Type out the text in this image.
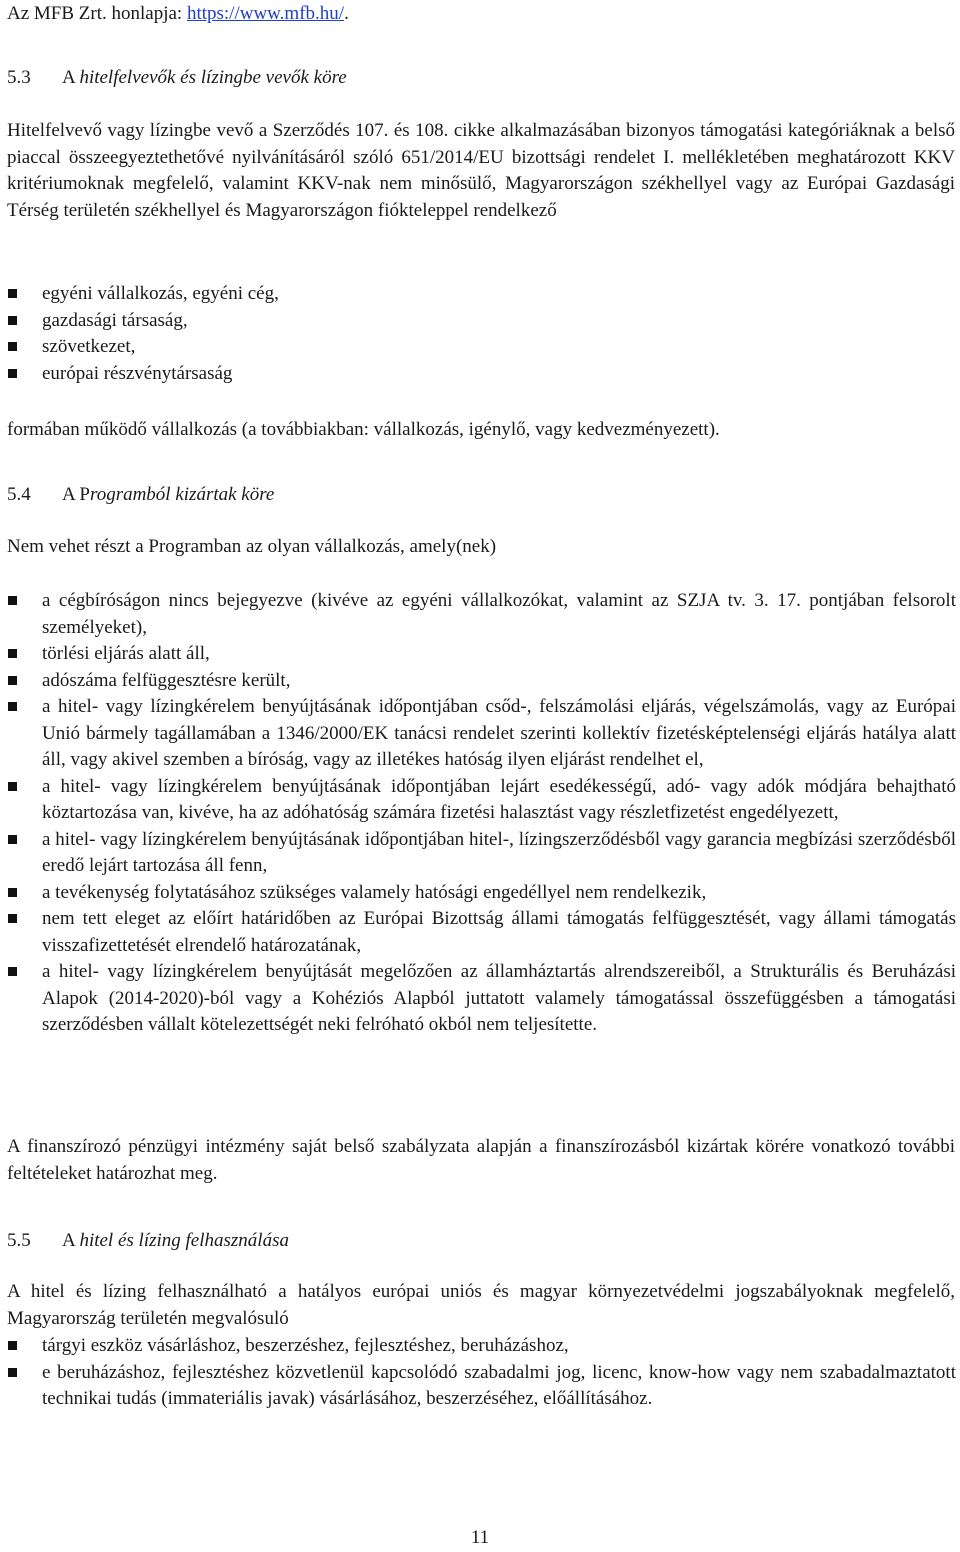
Az MFB Zrt. honlapja: https://www.mfb.hu/.

5.3 A hitelfelvevők és lízingbe vevők köre

Hitelfelvevő vagy lízingbe vevő a Szerződés 107. és 108. cikke alkalmazásában bizonyos támogatási kategóriáknak a belső piaccal összeegyeztethetővé nyilvánításáról szóló 651/2014/EU bizottsági rendelet I. mellékletében meghatározott KKV kritériumoknak megfelelő, valamint KKV-nak nem minősülő, Magyarországon székhellyel vagy az Európai Gazdasági Térség területén székhellyel és Magyarországon fiókteleppel rendelkező

egyéni vállalkozás, egyéni cég,
gazdasági társaság,
szövetkezet,
európai részvénytársaság

formában működő vállalkozás (a továbbiakban: vállalkozás, igénylő, vagy kedvezményezett).

5.4 A Programból kizártak köre

Nem vehet részt a Programban az olyan vállalkozás, amely(nek)

a cégbíróságon nincs bejegyezve (kivéve az egyéni vállalkozókat, valamint az SZJA tv. 3. 17. pontjában felsorolt személyeket),
törlési eljárás alatt áll,
adószáma felfüggesztésre került,
a hitel- vagy lízingkérelem benyújtásának időpontjában csőd-, felszámolási eljárás, végelszámolás, vagy az Európai Unió bármely tagállamában a 1346/2000/EK tanácsi rendelet szerinti kollektív fizetésképtelenségi eljárás hatálya alatt áll, vagy akivel szemben a bíróság, vagy az illetékes hatóság ilyen eljárást rendelhet el,
a hitel- vagy lízingkérelem benyújtásának időpontjában lejárt esedékességű, adó- vagy adók módjára behajtható köztartozása van, kivéve, ha az adóhatóság számára fizetési halasztást vagy részletfizetést engedélyezett,
a hitel- vagy lízingkérelem benyújtásának időpontjában hitel-, lízingszerződésből vagy garancia megbízási szerződésből eredő lejárt tartozása áll fenn,
a tevékenység folytatásához szükséges valamely hatósági engedéllyel nem rendelkezik,
nem tett eleget az előírt határidőben az Európai Bizottság állami támogatás felfüggesztését, vagy állami támogatás visszafizettetését elrendelő határozatának,
a hitel- vagy lízingkérelem benyújtását megelőzően az államháztartás alrendszereiből, a Strukturális és Beruházási Alapok (2014-2020)-ból vagy a Kohéziós Alapból juttatott valamely támogatással összefüggésben a támogatási szerződésben vállalt kötelezettségét neki felróható okból nem teljesítette.

A finanszírozó pénzügyi intézmény saját belső szabályzata alapján a finanszírozásból kizártak körére vonatkozó további feltételeket határozhat meg.

5.5 A hitel és lízing felhasználása

A hitel és lízing felhasználható a hatályos európai uniós és magyar környezetvédelmi jogszabályoknak megfelelő, Magyarország területén megvalósuló

tárgyi eszköz vásárláshoz, beszerzéshez, fejlesztéshez, beruházáshoz,
e beruházáshoz, fejlesztéshez közvetlenül kapcsolódó szabadalmi jog, licenc, know-how vagy nem szabadalmaztatott technikai tudás (immateriális javak) vásárlásához, beszerzéséhez, előállításához.
11
